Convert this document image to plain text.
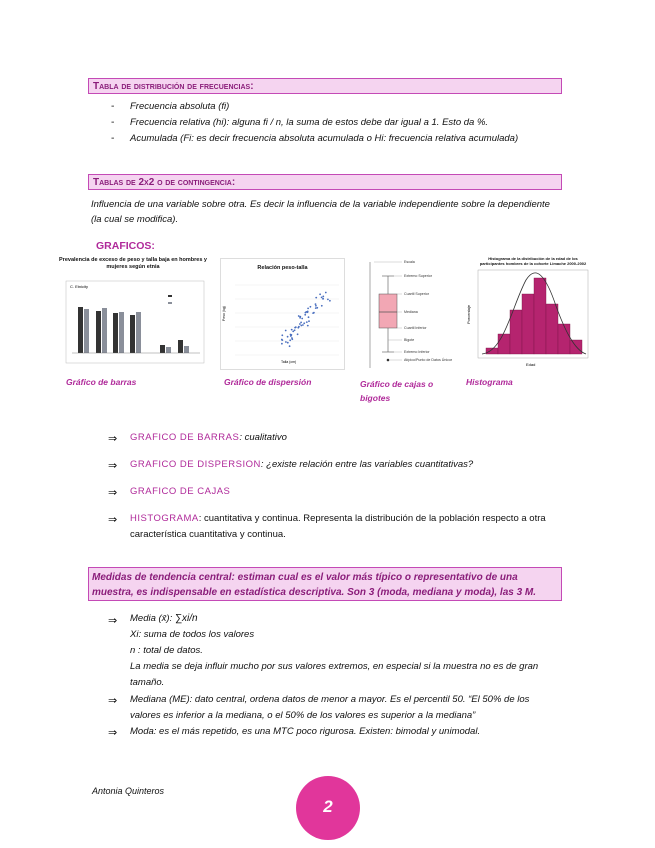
Tabla de distribución de frecuencias:
- Frecuencia absoluta (fi)
- Frecuencia relativa (hi): alguna fi / n, la suma de estos debe dar igual a 1. Esto da %.
- Acumulada (Fi: es decir frecuencia absoluta acumulada o Hi: frecuencia relativa acumulada)
Tablas de 2x2 o de contingencia:
Influencia de una variable sobre otra. Es decir la influencia de la variable independiente sobre la dependiente (la cual se modifica).
GRAFICOS:
Prevalencia de exceso de peso y talla baja en hombres y mujeres según etnia
C. Etnicity
Gráfico de barras
Relación peso-talla
Talla (cm)
Peso (kg)
Gráfico de dispersión
Escala
Extremo Superior
Cuartil Superior
Mediana
Cuartil Inferior
Bigote
Extremo Inferior
Atípico/Punto de Datos Únicos
Gráfico de cajas o bigotes
Histograma de la distribución de la edad de los participantes hombres de la cohorte Limache 2000-2002
Edad
Porcentaje
Histograma
⇒ GRAFICO DE BARRAS: cualitativo
⇒ GRAFICO DE DISPERSION: ¿existe relación entre las variables cuantitativas?
⇒ GRAFICO DE CAJAS
⇒ HISTOGRAMA: cuantitativa y continua. Representa la distribución de la población respecto a otra característica cuantitativa y continua.
Medidas de tendencia central: estiman cual es el valor más típico o representativo de una muestra, es indispensable en estadística descriptiva. Son 3 (moda, mediana y moda), las 3 M.
⇒ Media (x̄): ∑xi/n
Xi: suma de todos los valores
n : total de datos.
La media se deja influir mucho por sus valores extremos, en especial si la muestra no es de gran tamaño.
⇒ Mediana (ME): dato central, ordena datos de menor a mayor. Es el percentil 50. “El 50% de los valores es inferior a la mediana, o el 50% de los valores es superior a la mediana”
⇒ Moda: es el más repetido, es una MTC poco rigurosa. Existen: bimodal y unimodal.
Antonia Quinteros
2
